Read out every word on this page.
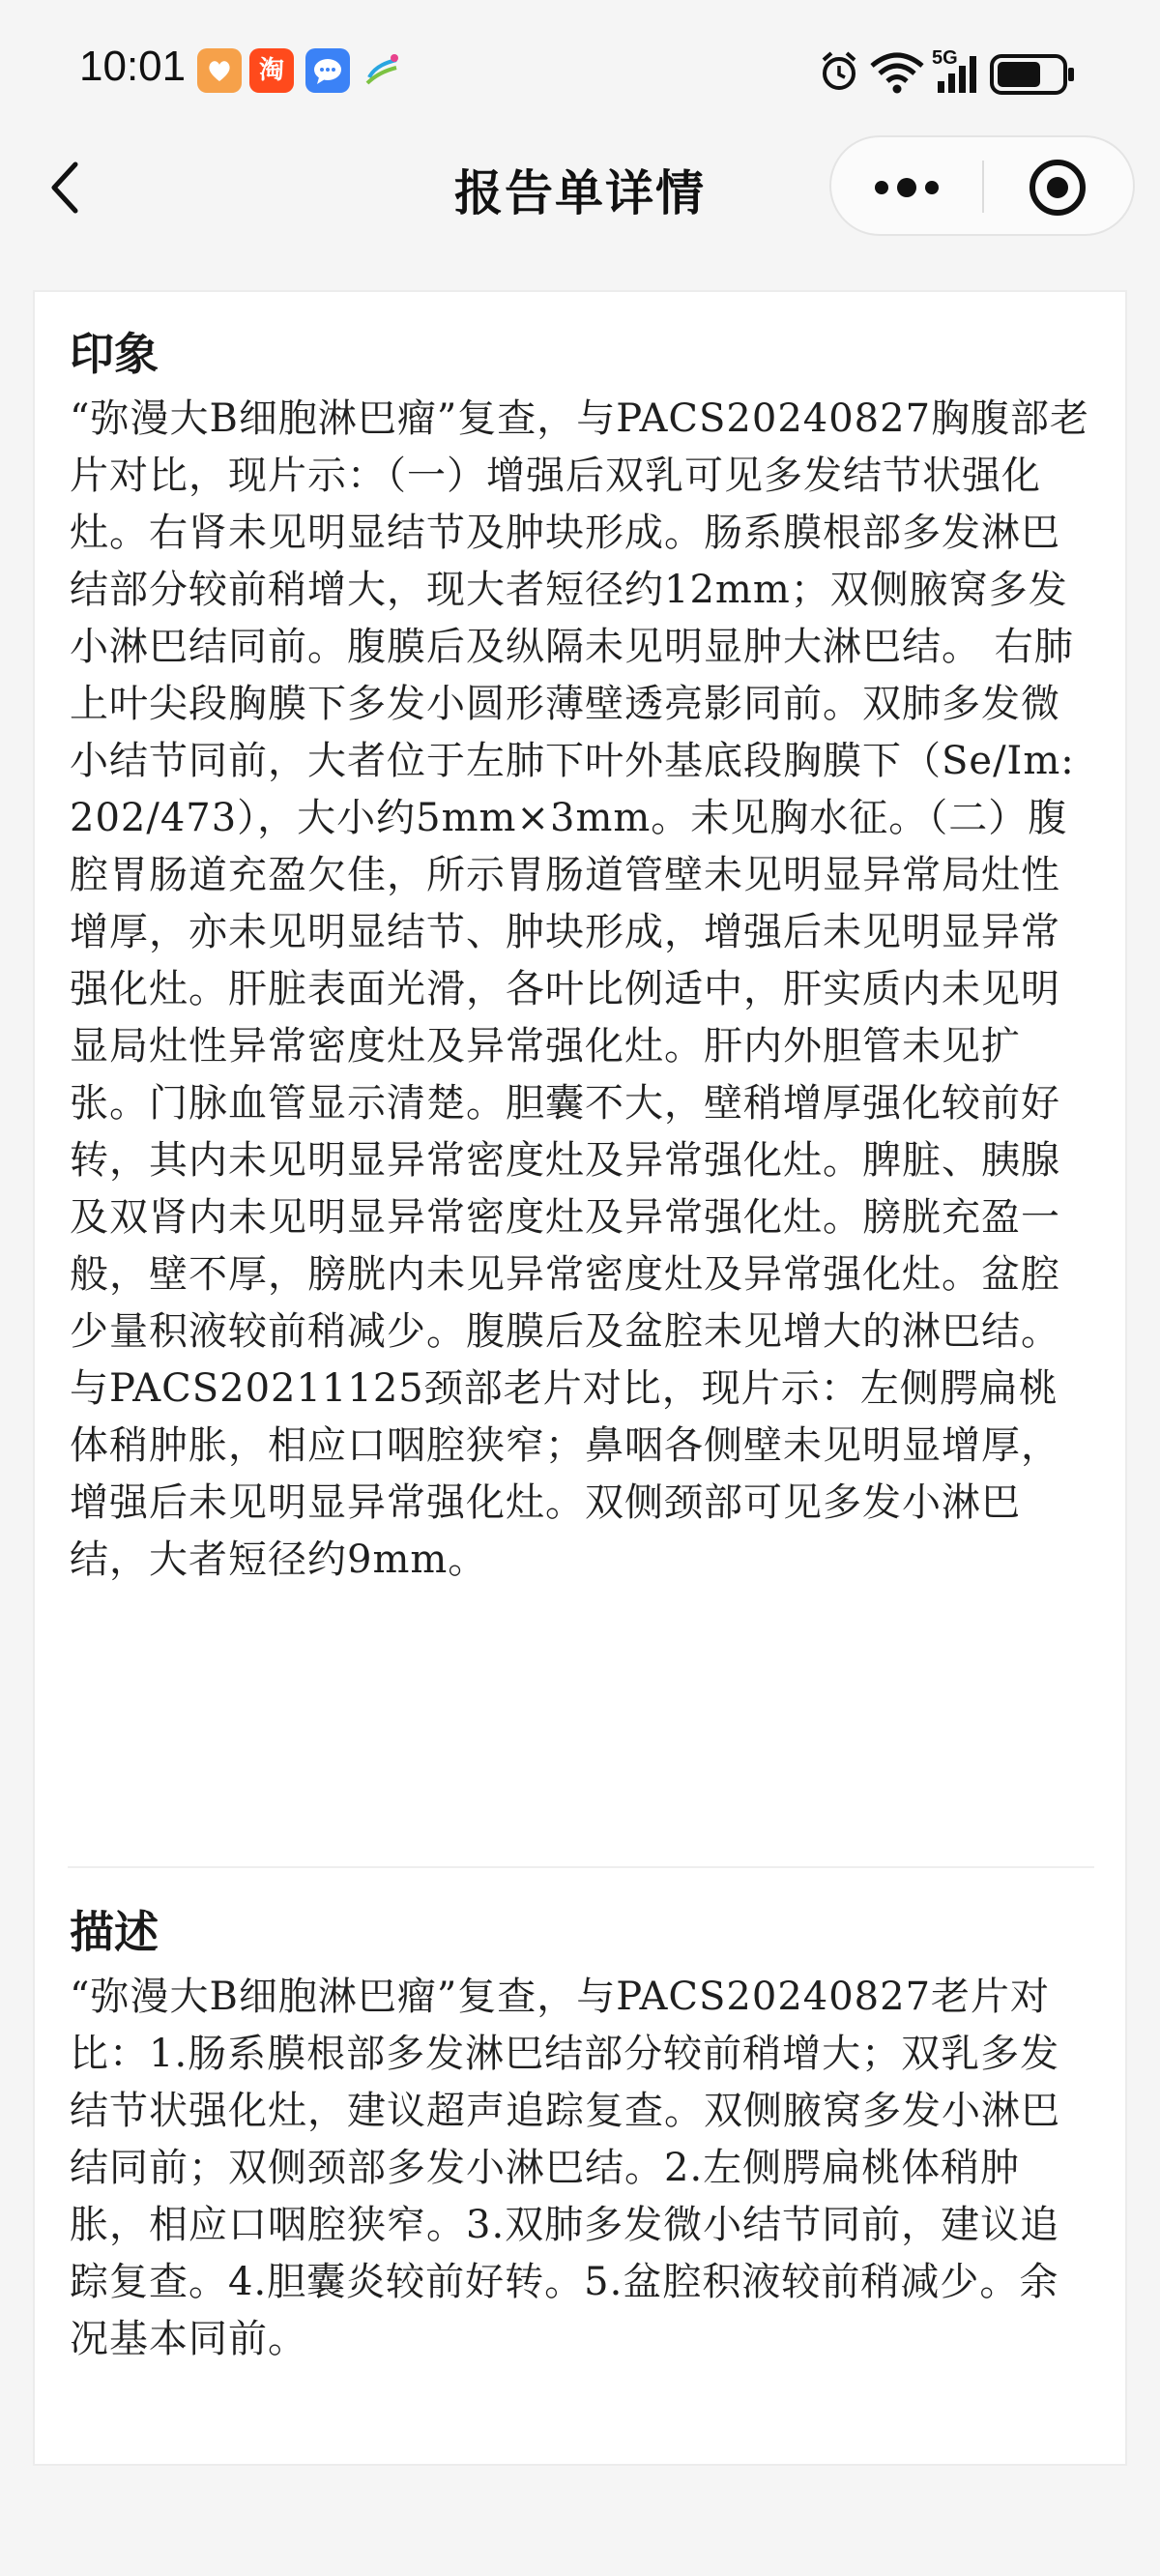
10:01	淘	5G
报告单详情
印象

“弥漫大B细胞淋巴瘤”复查，与PACS20240827胸腹部老片对比，现片示：（一）增强后双乳可见多发结节状强化灶。右肾未见明显结节及肿块形成。肠系膜根部多发淋巴结部分较前稍增大，现大者短径约12mm；双侧腋窝多发小淋巴结同前。腹膜后及纵隔未见明显肿大淋巴结。 右肺上叶尖段胸膜下多发小圆形薄壁透亮影同前。双肺多发微小结节同前，大者位于左肺下叶外基底段胸膜下（Se/Im:202/473），大小约5mm×3mm。未见胸水征。（二）腹腔胃肠道充盈欠佳，所示胃肠道管壁未见明显异常局灶性增厚，亦未见明显结节、肿块形成，增强后未见明显异常强化灶。肝脏表面光滑，各叶比例适中，肝实质内未见明显局灶性异常密度灶及异常强化灶。肝内外胆管未见扩张。门脉血管显示清楚。胆囊不大，壁稍增厚强化较前好转，其内未见明显异常密度灶及异常强化灶。脾脏、胰腺及双肾内未见明显异常密度灶及异常强化灶。膀胱充盈一般，壁不厚，膀胱内未见异常密度灶及异常强化灶。盆腔少量积液较前稍减少。腹膜后及盆腔未见增大的淋巴结。 与PACS20211125颈部老片对比，现片示：左侧腭扁桃体稍肿胀，相应口咽腔狭窄；鼻咽各侧壁未见明显增厚，增强后未见明显异常强化灶。双侧颈部可见多发小淋巴结，大者短径约9mm。

描述

“弥漫大B细胞淋巴瘤”复查，与PACS20240827老片对比：1.肠系膜根部多发淋巴结部分较前稍增大；双乳多发结节状强化灶，建议超声追踪复查。双侧腋窝多发小淋巴结同前；双侧颈部多发小淋巴结。2.左侧腭扁桃体稍肿胀，相应口咽腔狭窄。3.双肺多发微小结节同前，建议追踪复查。4.胆囊炎较前好转。5.盆腔积液较前稍减少。余况基本同前。
